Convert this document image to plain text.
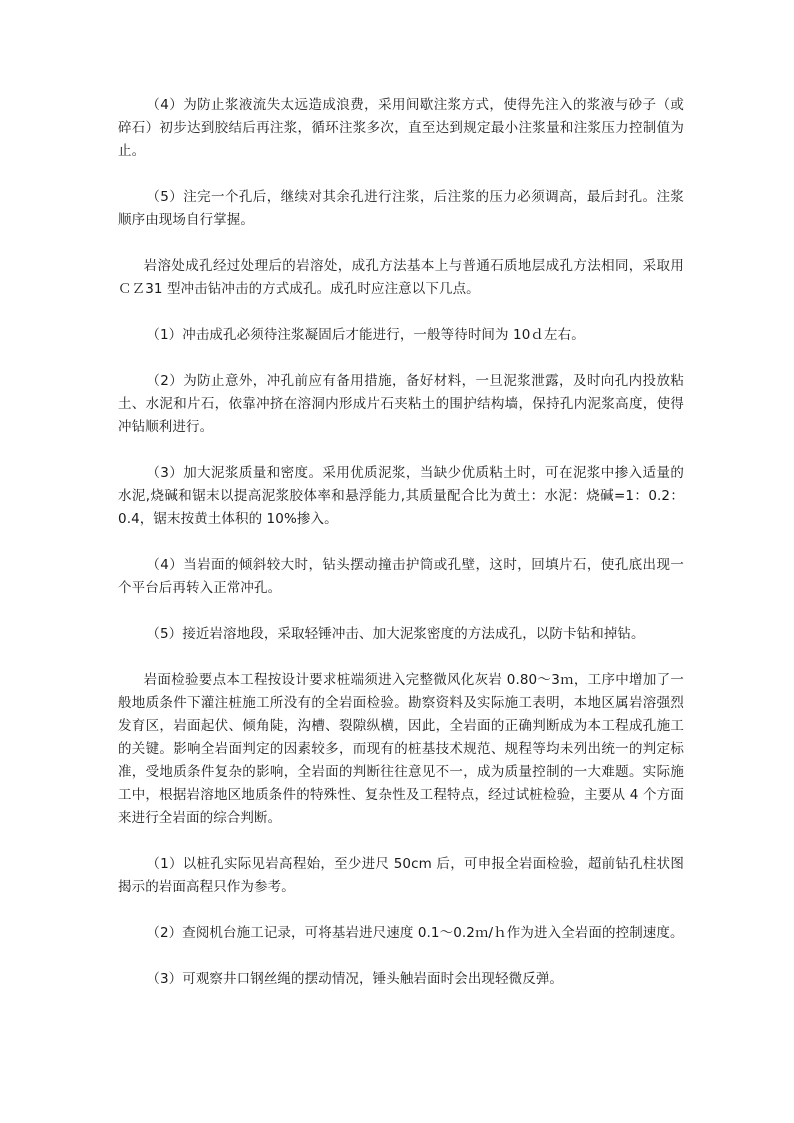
（4）为防止浆液流失太远造成浪费，采用间歇注浆方式，使得先注入的浆液与砂子（或碎石）初步达到胶结后再注浆，循环注浆多次，直至达到规定最小注浆量和注浆压力控制值为止。

（5）注完一个孔后，继续对其余孔进行注浆，后注浆的压力必须调高，最后封孔。注浆顺序由现场自行掌握。

岩溶处成孔经过处理后的岩溶处，成孔方法基本上与普通石质地层成孔方法相同，采取用ＣＺ31 型冲击钻冲击的方式成孔。成孔时应注意以下几点。

（1）冲击成孔必须待注浆凝固后才能进行，一般等待时间为 10ｄ左右。

（2）为防止意外，冲孔前应有备用措施，备好材料，一旦泥浆泄露，及时向孔内投放粘土、水泥和片石，依靠冲挤在溶洞内形成片石夹粘土的围护结构墙，保持孔内泥浆高度，使得冲钻顺利进行。

（3）加大泥浆质量和密度。采用优质泥浆，当缺少优质粘土时，可在泥浆中掺入适量的水泥,烧碱和锯末以提高泥浆胶体率和悬浮能力,其质量配合比为黄土：水泥：烧碱=1：0.2：0.4，锯末按黄土体积的 10%掺入。

（4）当岩面的倾斜较大时，钻头摆动撞击护筒或孔壁，这时，回填片石，使孔底出现一个平台后再转入正常冲孔。

（5）接近岩溶地段，采取轻锤冲击、加大泥浆密度的方法成孔，以防卡钻和掉钻。

岩面检验要点本工程按设计要求桩端须进入完整微风化灰岩 0.80～3ｍ，工序中增加了一般地质条件下灌注桩施工所没有的全岩面检验。勘察资料及实际施工表明，本地区属岩溶强烈发育区，岩面起伏、倾角陡，沟槽、裂隙纵横，因此，全岩面的正确判断成为本工程成孔施工的关键。影响全岩面判定的因素较多，而现有的桩基技术规范、规程等均未列出统一的判定标准，受地质条件复杂的影响，全岩面的判断往往意见不一，成为质量控制的一大难题。实际施工中，根据岩溶地区地质条件的特殊性、复杂性及工程特点，经过试桩检验，主要从 4 个方面来进行全岩面的综合判断。

（1）以桩孔实际见岩高程始，至少进尺 50cm 后，可申报全岩面检验，超前钻孔柱状图揭示的岩面高程只作为参考。

（2）查阅机台施工记录，可将基岩进尺速度 0.1～0.2ｍ/ｈ作为进入全岩面的控制速度。

（3）可观察井口钢丝绳的摆动情况，锤头触岩面时会出现轻微反弹。
